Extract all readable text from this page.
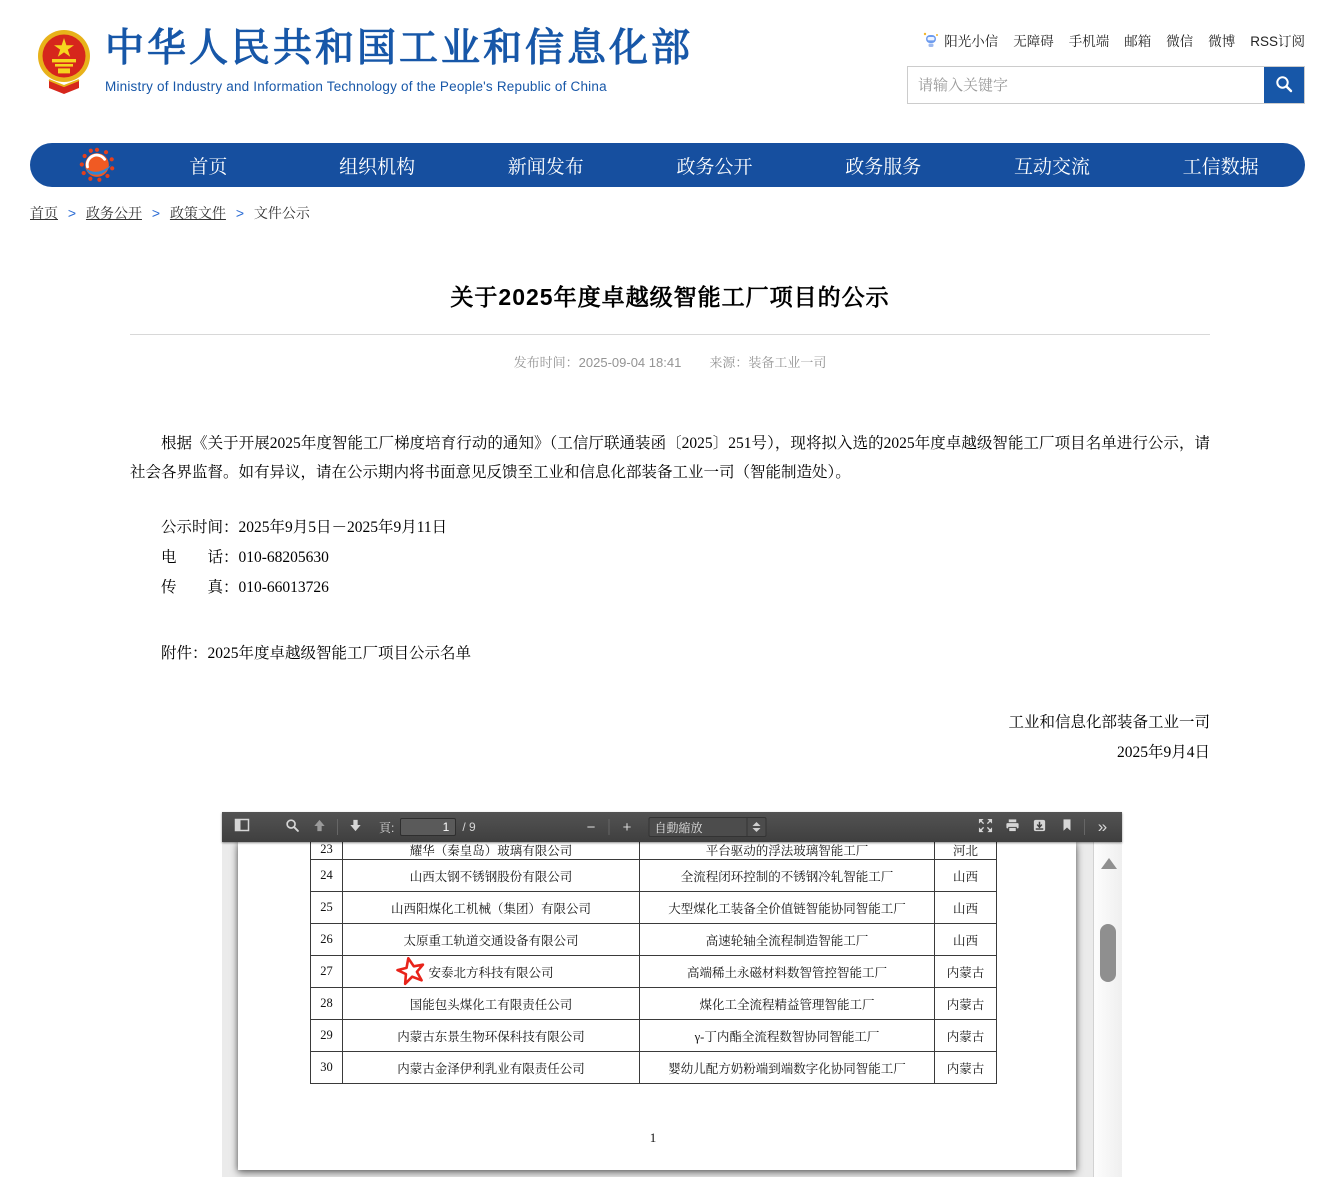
中华人民共和国工业和信息化部
Ministry of Industry and Information Technology of the People's Republic of China
阳光小信 无障碍 手机端 邮箱 微信 微博 RSS订阅
请输入关键字
首页	组织机构	新闻发布	政务公开	政务服务	互动交流	工信数据
首页 > 政务公开 > 政策文件 > 文件公示
关于2025年度卓越级智能工厂项目的公示
发布时间：2025-09-04 18:41 来源：装备工业一司

根据《关于开展2025年度智能工厂梯度培育行动的通知》（工信厅联通装函〔2025〕251号），现将拟入选的2025年度卓越级智能工厂项目名单进行公示，请社会各界监督。如有异议，请在公示期内将书面意见反馈至工业和信息化部装备工业一司（智能制造处）。

公示时间：2025年9月5日－2025年9月11日

电　　话：010-68205630

传　　真：010-66013726

附件：2025年度卓越级智能工厂项目公示名单

工业和信息化部装备工业一司

2025年9月4日

頁:
1	/ 9	−	+	自動縮放	»
23	耀华（秦皇岛）玻璃有限公司	平台驱动的浮法玻璃智能工厂	河北
24	山西太钢不锈钢股份有限公司	全流程闭环控制的不锈钢冷轧智能工厂	山西
25	山西阳煤化工机械（集团）有限公司	大型煤化工装备全价值链智能协同智能工厂	山西
26	太原重工轨道交通设备有限公司	高速轮轴全流程制造智能工厂	山西
27	安泰北方科技有限公司	高端稀土永磁材料数智管控智能工厂	内蒙古
28	国能包头煤化工有限责任公司	煤化工全流程精益管理智能工厂	内蒙古
29	内蒙古东景生物环保科技有限公司	γ-丁内酯全流程数智协同智能工厂	内蒙古
30	内蒙古金泽伊利乳业有限责任公司	婴幼儿配方奶粉端到端数字化协同智能工厂	内蒙古
1
